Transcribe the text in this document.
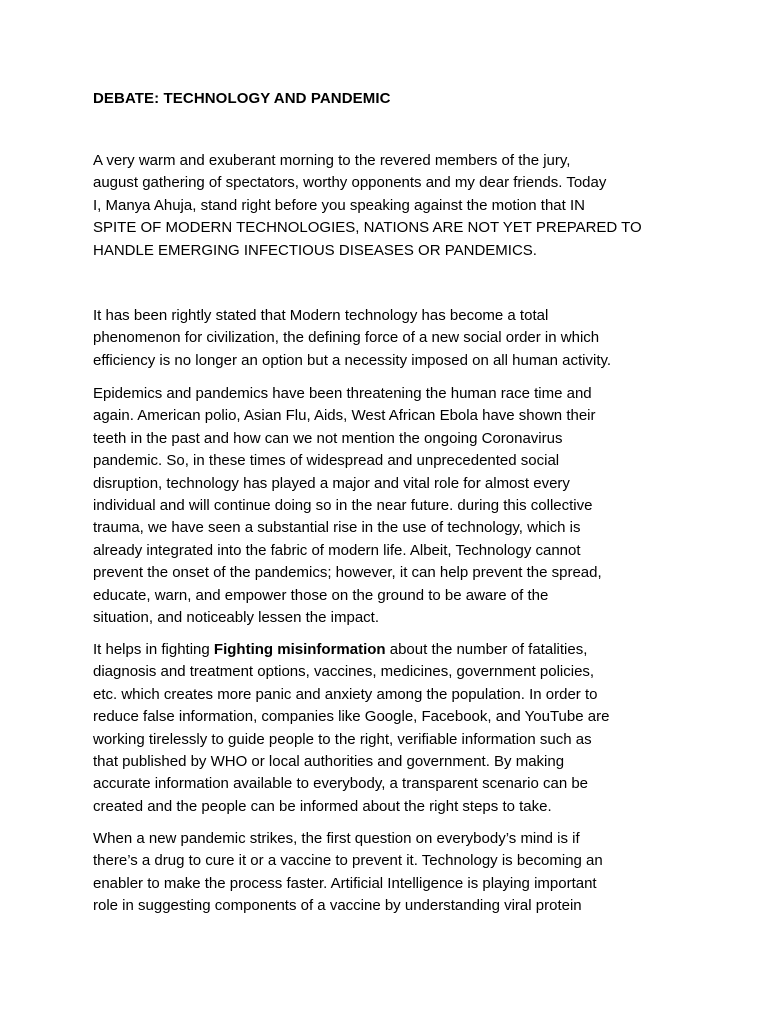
DEBATE: TECHNOLOGY AND PANDEMIC
A very warm and exuberant morning to the revered members of the jury,
august gathering of spectators, worthy opponents and my dear friends. Today
I, Manya Ahuja, stand right before you speaking against the motion that IN
SPITE OF MODERN TECHNOLOGIES, NATIONS ARE NOT YET PREPARED TO
HANDLE EMERGING INFECTIOUS DISEASES OR PANDEMICS.
It has been rightly stated that Modern technology has become a total
phenomenon for civilization, the defining force of a new social order in which
efficiency is no longer an option but a necessity imposed on all human activity.
Epidemics and pandemics have been threatening the human race time and
again. American polio, Asian Flu, Aids, West African Ebola have shown their
teeth in the past and how can we not mention the ongoing Coronavirus
pandemic. So, in these times of widespread and unprecedented social
disruption, technology has played a major and vital role for almost every
individual and will continue doing so in the near future. during this collective
trauma, we have seen a substantial rise in the use of technology, which is
already integrated into the fabric of modern life. Albeit, Technology cannot
prevent the onset of the pandemics; however, it can help prevent the spread,
educate, warn, and empower those on the ground to be aware of the
situation, and noticeably lessen the impact.
It helps in fighting Fighting misinformation about the number of fatalities,
diagnosis and treatment options, vaccines, medicines, government policies,
etc. which creates more panic and anxiety among the population. In order to
reduce false information, companies like Google, Facebook, and YouTube are
working tirelessly to guide people to the right, verifiable information such as
that published by WHO or local authorities and government. By making
accurate information available to everybody, a transparent scenario can be
created and the people can be informed about the right steps to take.
When a new pandemic strikes, the first question on everybody’s mind is if
there’s a drug to cure it or a vaccine to prevent it. Technology is becoming an
enabler to make the process faster. Artificial Intelligence is playing important
role in suggesting components of a vaccine by understanding viral protein
